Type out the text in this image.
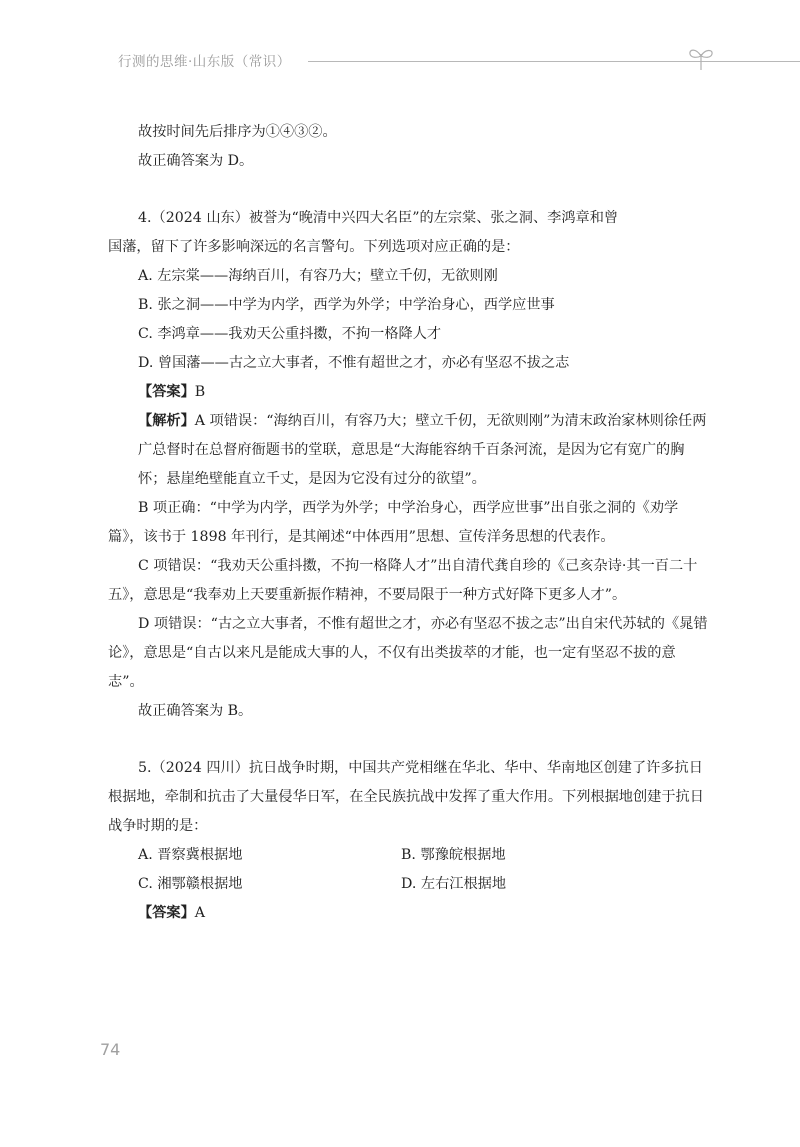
行测的思维·山东版（常识）

故按时间先后排序为①④③②。

故正确答案为 D。

4.（2024 山东）被誉为“晚清中兴四大名臣”的左宗棠、张之洞、李鸿章和曾

国藩，留下了许多影响深远的名言警句。下列选项对应正确的是：

A. 左宗棠——海纳百川，有容乃大；壁立千仞，无欲则刚

B. 张之洞——中学为内学，西学为外学；中学治身心，西学应世事

C. 李鸿章——我劝天公重抖擞，不拘一格降人才

D. 曾国藩——古之立大事者，不惟有超世之才，亦必有坚忍不拔之志

【答案】B

【解析】A 项错误：“海纳百川，有容乃大；壁立千仞，无欲则刚”为清末政治家林则徐任两广总督时在总督府衙题书的堂联，意思是“大海能容纳千百条河流，是因为它有宽广的胸怀；悬崖绝壁能直立千丈，是因为它没有过分的欲望”。

B 项正确：“中学为内学，西学为外学；中学治身心，西学应世事”出自张之洞的《劝学篇》，该书于 1898 年刊行，是其阐述“中体西用”思想、宣传洋务思想的代表作。

C 项错误：“我劝天公重抖擞，不拘一格降人才”出自清代龚自珍的《己亥杂诗·其一百二十五》，意思是“我奉劝上天要重新振作精神，不要局限于一种方式好降下更多人才”。

D 项错误：“古之立大事者，不惟有超世之才，亦必有坚忍不拔之志”出自宋代苏轼的《晁错论》，意思是“自古以来凡是能成大事的人，不仅有出类拔萃的才能，也一定有坚忍不拔的意志”。

故正确答案为 B。

5.（2024 四川）抗日战争时期，中国共产党相继在华北、华中、华南地区创建了许多抗日根据地，牵制和抗击了大量侵华日军，在全民族抗战中发挥了重大作用。下列根据地创建于抗日战争时期的是：

A. 晋察冀根据地	B. 鄂豫皖根据地
C. 湘鄂赣根据地	D. 左右江根据地

【答案】A

74
